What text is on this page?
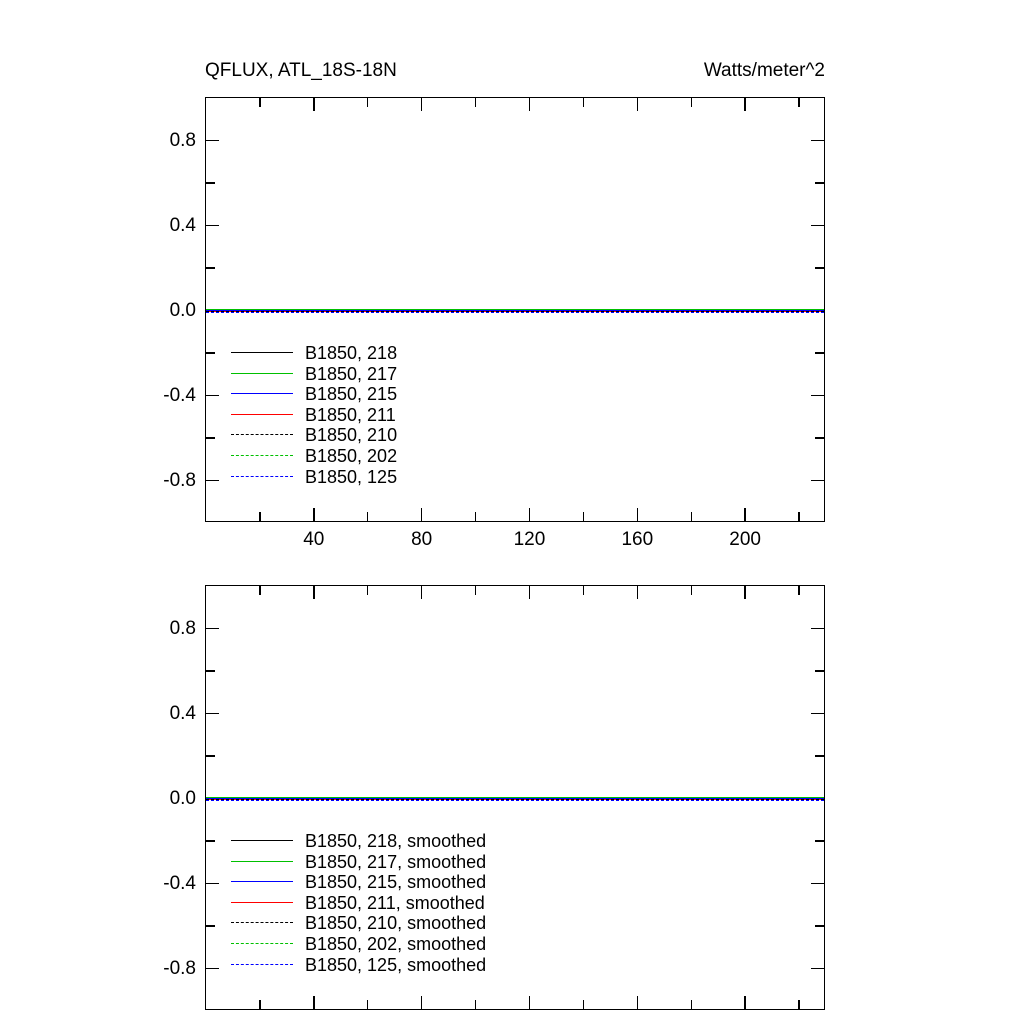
QFLUX, ATL_18S-18N	Watts/meter^2
-0.8
-0.4
0.0
0.4
0.8
40	80	120	160	200
B1850, 218
B1850, 217
B1850, 215
B1850, 211
B1850, 210
B1850, 202
B1850, 125
-0.8
-0.4
0.0
0.4
0.8
B1850, 218, smoothed
B1850, 217, smoothed
B1850, 215, smoothed
B1850, 211, smoothed
B1850, 210, smoothed
B1850, 202, smoothed
B1850, 125, smoothed
